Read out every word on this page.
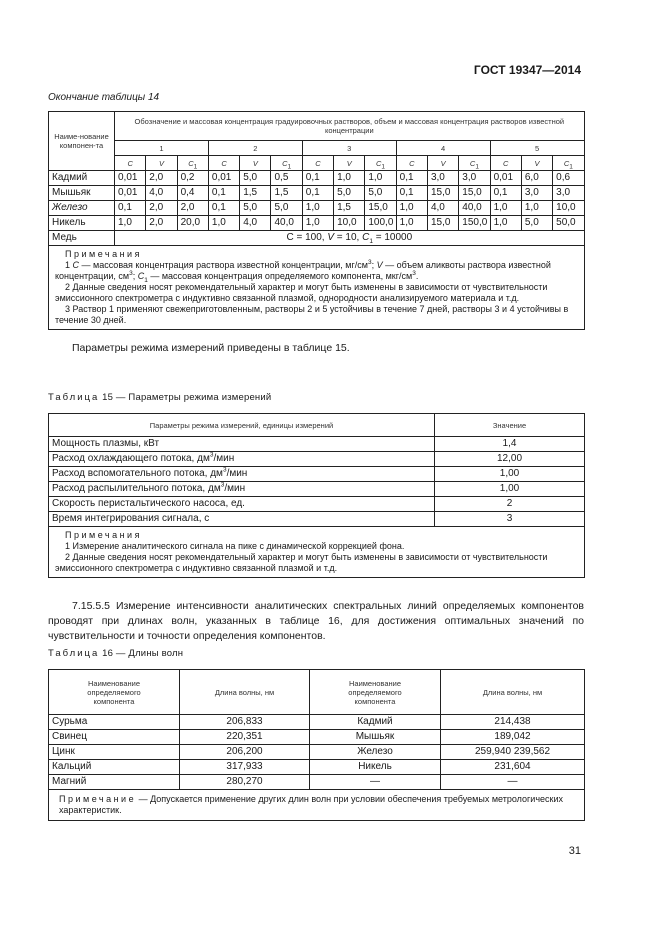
ГОСТ 19347—2014
Окончание таблицы 14
Наиме-нование компонен-та	Обозначение и массовая концентрация градуировочных растворов, объем и массовая концентрация растворов известной концентрации														
	1			2			3			4			5		
	C	V	$C_1$	C	V	$C_1$	C	V	$C_1$	C	V	$C_1$	C	V	$C_1$
Кадмий	0,01	2,0	0,2	0,01	5,0	0,5	0,1	1,0	1,0	0,1	3,0	3,0	0,01	6,0	0,6
Мышьяк	0,01	4,0	0,4	0,1	1,5	1,5	0,1	5,0	5,0	0,1	15,0	15,0	0,1	3,0	3,0
Железо	0,1	2,0	2,0	0,1	5,0	5,0	1,0	1,5	15,0	1,0	4,0	40,0	1,0	1,0	10,0
Никель	1,0	2,0	20,0	1,0	4,0	40,0	1,0	10,0	100,0	1,0	15,0	150,0	1,0	5,0	50,0
Медь	C = 100, V = 10, $C_1 = 10000$														

Примечания

1 C — массовая концентрация раствора известной концентрации, $мг/см^3$; V — объем аликвоты раствора известной концентрации, $см^3$; $C_1$ — массовая концентрация определяемого компонента, мкг/$см^3$.

2 Данные сведения носят рекомендательный характер и могут быть изменены в зависимости от чувствительности эмиссионного спектрометра с индуктивно связанной плазмой, однородности анализируемого материала и т.д.

3 Раствор 1 применяют свежеприготовленным, растворы 2 и 5 устойчивы в течение 7 дней, растворы 3 и 4 устойчивы в течение 30 дней.															

Параметры режима измерений приведены в таблице 15.
Таблица 15 — Параметры режима измерений
Параметры режима измерений, единицы измерений	Значение
Мощность плазмы, кВт	1,4
Расход охлаждающего потока, $дм^3$/мин	12,00
Расход вспомогательного потока, $дм^3$/мин	1,00
Расход распылительного потока, $дм^3$/мин	1,00
Скорость перистальтического насоса, ед.	2
Время интегрирования сигнала, с	3

Примечания

1 Измерение аналитического сигнала на пике с динамической коррекцией фона.

2 Данные сведения носят рекомендательный характер и могут быть изменены в зависимости от чувствительности эмиссионного спектрометра с индуктивно связанной плазмой и т.д.	

7.15.5.5 Измерение интенсивности аналитических спектральных линий определяемых компонентов проводят при длинах волн, указанных в таблице 16, для достижения оптимальных значений по чувствительности и точности определения компонентов.
Таблица 16 — Длины волн
Наименование определяемого компонента	Длина волны, нм	Наименование определяемого компонента	Длина волны, нм
Сурьма	206,833	Кадмий	214,438
Свинец	220,351	Мышьяк	189,042
Цинк	206,200	Железо	259,940 239,562
Кальций	317,933	Никель	231,604
Магний	280,270	—	—
Примечание — Допускается применение других длин волн при условии обеспечения требуемых метрологических характеристик.			
31
